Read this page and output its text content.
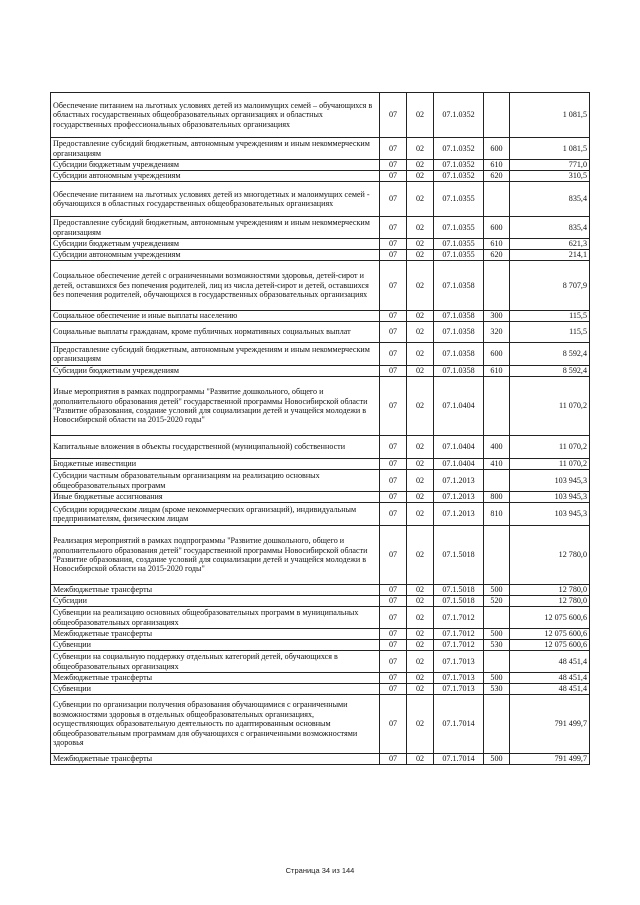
Обеспечение питанием на льготных условиях детей из малоимущих семей – обучающихся в областных государственных общеобразовательных организациях и областных государственных профессиональных образовательных организациях	07	02	07.1.0352		1 081,5
Предоставление субсидий бюджетным, автономным учреждениям и иным некоммерческим организациям	07	02	07.1.0352	600	1 081,5
Субсидии бюджетным учреждениям	07	02	07.1.0352	610	771,0
Субсидии автономным учреждениям	07	02	07.1.0352	620	310,5
Обеспечение питанием на льготных условиях детей из многодетных и малоимущих семей - обучающихся в областных государственных общеобразовательных организациях	07	02	07.1.0355		835,4
Предоставление субсидий бюджетным, автономным учреждениям и иным некоммерческим организациям	07	02	07.1.0355	600	835,4
Субсидии бюджетным учреждениям	07	02	07.1.0355	610	621,3
Субсидии автономным учреждениям	07	02	07.1.0355	620	214,1
Социальное обеспечение детей с ограниченными возможностями здоровья, детей-сирот и детей, оставшихся без попечения родителей, лиц из числа детей-сирот и детей, оставшихся без попечения родителей, обучающихся в государственных образовательных организациях	07	02	07.1.0358		8 707,9
Социальное обеспечение и иные выплаты населению	07	02	07.1.0358	300	115,5
Социальные выплаты гражданам, кроме публичных нормативных социальных выплат	07	02	07.1.0358	320	115,5
Предоставление субсидий бюджетным, автономным учреждениям и иным некоммерческим организациям	07	02	07.1.0358	600	8 592,4
Субсидии бюджетным учреждениям	07	02	07.1.0358	610	8 592,4
Иные мероприятия в рамках подпрограммы "Развитие дошкольного, общего и дополнительного образования детей" государственной программы Новосибирской области "Развитие образования, создание условий для социализации детей и учащейся молодежи в Новосибирской области на 2015-2020 годы"	07	02	07.1.0404		11 070,2
Капитальные вложения в объекты государственной (муниципальной) собственности	07	02	07.1.0404	400	11 070,2
Бюджетные инвестиции	07	02	07.1.0404	410	11 070,2
Субсидии частным образовательным организациям на реализацию основных общеобразовательных программ	07	02	07.1.2013		103 945,3
Иные бюджетные ассигнования	07	02	07.1.2013	800	103 945,3
Субсидии юридическим лицам (кроме некоммерческих организаций), индивидуальным предпринимателям, физическим лицам	07	02	07.1.2013	810	103 945,3
Реализация мероприятий в рамках подпрограммы "Развитие дошкольного, общего и дополнительного образования детей" государственной программы Новосибирской области "Развитие образования, создание условий для социализации детей и учащейся молодежи в Новосибирской области на 2015-2020 годы"	07	02	07.1.5018		12 780,0
Межбюджетные трансферты	07	02	07.1.5018	500	12 780,0
Субсидии	07	02	07.1.5018	520	12 780,0
Субвенции на реализацию основных общеобразовательных программ в муниципальных общеобразовательных организациях	07	02	07.1.7012		12 075 600,6
Межбюджетные трансферты	07	02	07.1.7012	500	12 075 600,6
Субвенции	07	02	07.1.7012	530	12 075 600,6
Субвенции на социальную поддержку отдельных категорий детей, обучающихся в общеобразовательных организациях	07	02	07.1.7013		48 451,4
Межбюджетные трансферты	07	02	07.1.7013	500	48 451,4
Субвенции	07	02	07.1.7013	530	48 451,4
Субвенции по организации получения образования обучающимися с ограниченными возможностями здоровья в отдельных общеобразовательных организациях, осуществляющих образовательную деятельность по адаптированным основным общеобразовательным программам для обучающихся с ограниченными возможностями здоровья	07	02	07.1.7014		791 499,7
Межбюджетные трансферты	07	02	07.1.7014	500	791 499,7
Страница 34 из 144
